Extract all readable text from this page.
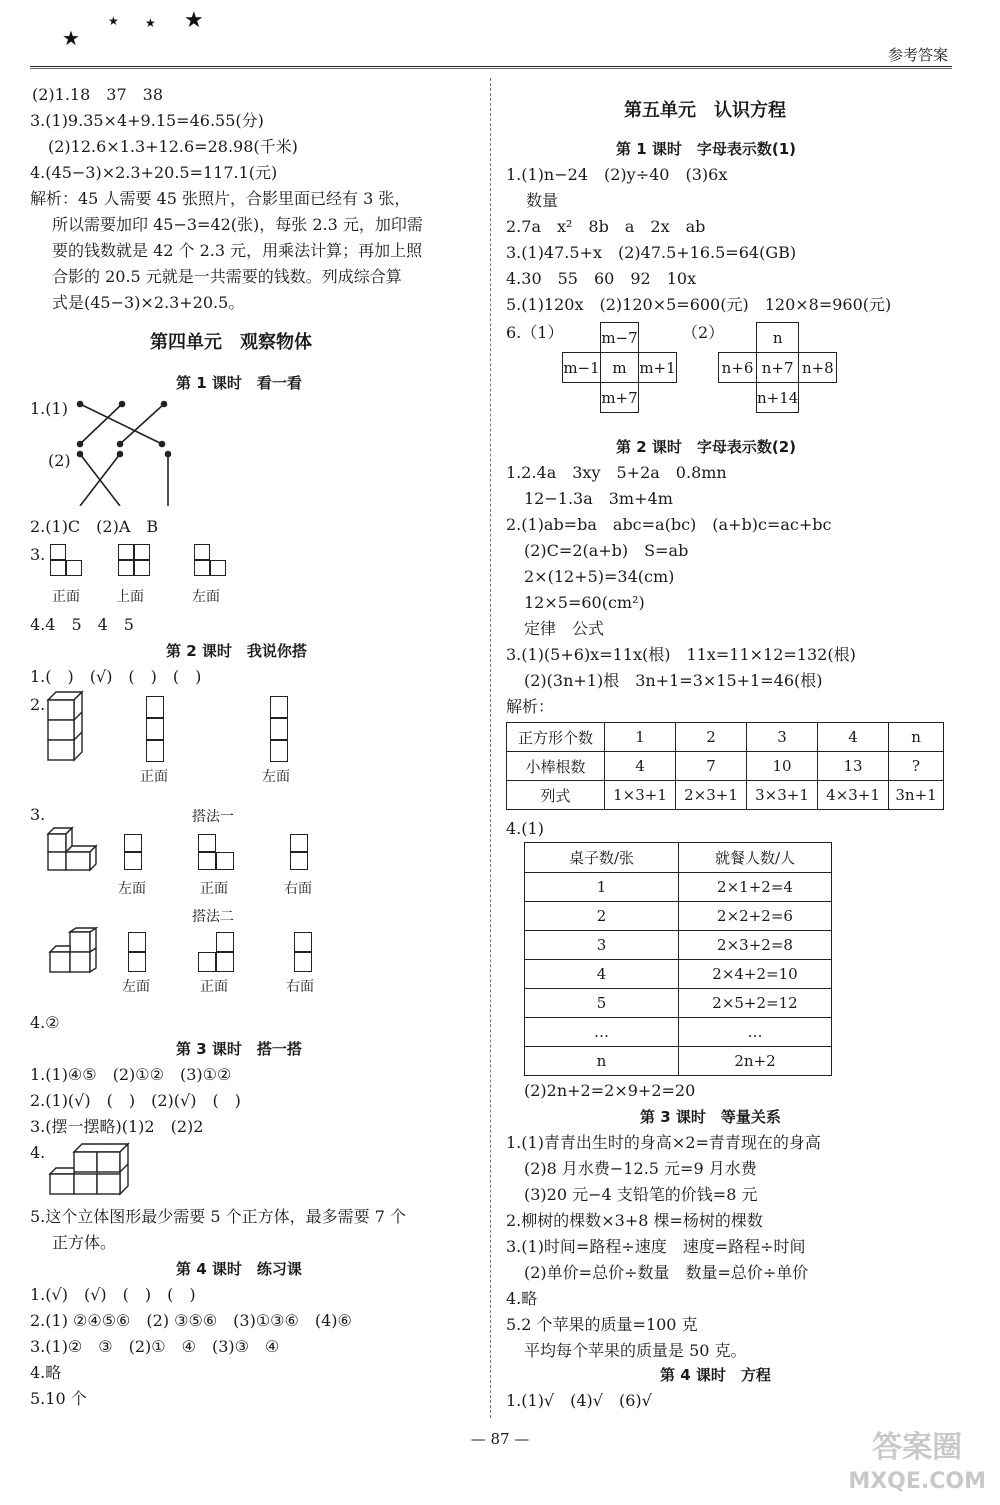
★
★ ★ ★
参考答案
(2)1.18　37　38
3.(1)9.35×4+9.15=46.55(分)
(2)12.6×1.3+12.6=28.98(千米)
4.(45−3)×2.3+20.5=117.1(元)
解析：45 人需要 45 张照片，合影里面已经有 3 张，
所以需要加印 45−3=42(张)，每张 2.3 元，加印需
要的钱数就是 42 个 2.3 元，用乘法计算；再加上照
合影的 20.5 元就是一共需要的钱数。列成综合算
式是(45−3)×2.3+20.5。
第四单元　观察物体
第 1 课时　看一看
1.(1)
(2)
2.(1)C　(2)A　B
3.
正面	上面	左面
4.4　5　4　5
第 2 课时　我说你搭
1.(　)　(√)　(　)　(　)
2.
正面	左面
3.	搭法一
左面	正面	右面
搭法二
左面	正面	右面
4.②
第 3 课时　搭一搭
1.(1)④⑤　(2)①②　(3)①②
2.(1)(√)　(　)　(2)(√)　(　)
3.(摆一摆略)(1)2　(2)2
4.
5.这个立体图形最少需要 5 个正方体，最多需要 7 个
正方体。
第 4 课时　练习课
1.(√)　(√)　(　)　(　)
2.(1) ②④⑤⑥　(2) ③⑤⑥　(3)①③⑥　(4)⑥
3.(1)②　③　(2)①　④　(3)③　④
4.略
5.10 个
第五单元　认识方程
第 1 课时　字母表示数(1)
1.(1)n−24　(2)y÷40　(3)6x
数量
2.7a　x²　8b　a　2x　ab
3.(1)47.5+x　(2)47.5+16.5=64(GB)
4.30　55　60　92　10x
5.(1)120x　(2)120×5=600(元)　120×8=960(元)
6.（1）	（2）
	m−7	
m−1	m	m+1
	m+7	
	n	
n+6	n+7	n+8
	n+14	
第 2 课时　字母表示数(2)
1.2.4a　3xy　5+2a　0.8mn
12−1.3a　3m+4m
2.(1)ab=ba　abc=a(bc)　(a+b)c=ac+bc
(2)C=2(a+b)　S=ab
2×(12+5)=34(cm)
12×5=60(cm²)
定律　公式
3.(1)(5+6)x=11x(根)　11x=11×12=132(根)
(2)(3n+1)根　3n+1=3×15+1=46(根)
解析：
正方形个数	1	2	3	4	n
小棒根数	4	7	10	13	?
列式	1×3+1	2×3+1	3×3+1	4×3+1	3n+1
4.(1)
桌子数/张	就餐人数/人
1	2×1+2=4
2	2×2+2=6
3	2×3+2=8
4	2×4+2=10
5	2×5+2=12
…	…
n	2n+2
(2)2n+2=2×9+2=20
第 3 课时　等量关系
1.(1)青青出生时的身高×2=青青现在的身高
(2)8 月水费−12.5 元=9 月水费
(3)20 元−4 支铅笔的价钱=8 元
2.柳树的棵数×3+8 棵=杨树的棵数
3.(1)时间=路程÷速度　速度=路程÷时间
(2)单价=总价÷数量　数量=总价÷单价
4.略
5.2 个苹果的质量=100 克
平均每个苹果的质量是 50 克。
第 4 课时　方程
1.(1)√　(4)√　(6)√
— 87 —	答案圈
MXQE.COM
